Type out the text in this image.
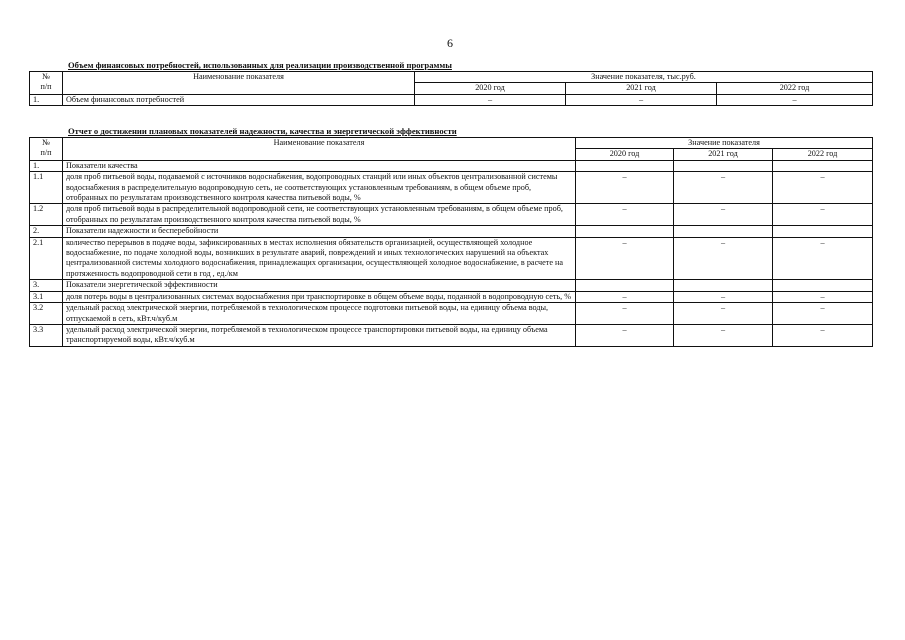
6
Объем финансовых потребностей, использованных для реализации производственной программы
№
п/п	Наименование показателя	Значение показателя, тыс.руб.		
		2020 год	2021 год	2022 год
1.	Объем финансовых потребностей	–	–	–
Отчет о достижении плановых показателей надежности, качества и энергетической эффективности
№
п/п	Наименование показателя	Значение показателя		
		2020 год	2021 год	2022 год
1.	Показатели качества			
1.1	доля проб питьевой воды, подаваемой с источников водоснабжения, водопроводных станций или иных объектов централизованной системы водоснабжения в распределительную водопроводную сеть, не соответствующих установленным требованиям, в общем объеме проб, отобранных по результатам производственного контроля качества питьевой воды, %	–	–	–
1.2	доля проб питьевой воды в распределительной водопроводной сети, не соответствующих установленным требованиям, в общем объеме проб, отобранных по результатам производственного контроля качества питьевой воды, %	–	–	–
2.	Показатели надежности и бесперебойности			
2.1	количество перерывов в подаче воды, зафиксированных в местах исполнения обязательств организацией, осуществляющей холодное водоснабжение, по подаче холодной воды, возникших в результате аварий, повреждений и иных технологических нарушений на объектах централизованной системы холодного водоснабжения, принадлежащих организации, осуществляющей холодное водоснабжение, в расчете на протяженность водопроводной сети в год , ед./км	–	–	–
3.	Показатели энергетической эффективности			
3.1	доля потерь воды в централизованных системах водоснабжения при транспортировке в общем объеме воды, поданной в водопроводную сеть, %	–	–	–
3.2	удельный расход электрической энергии, потребляемой в технологическом процессе подготовки питьевой воды, на единицу объема воды, отпускаемой в сеть, кВт.ч/куб.м	–	–	–
3.3	удельный расход электрической энергии, потребляемой в технологическом процессе транспортировки питьевой воды, на единицу объема транспортируемой воды, кВт.ч/куб.м	–	–	–
